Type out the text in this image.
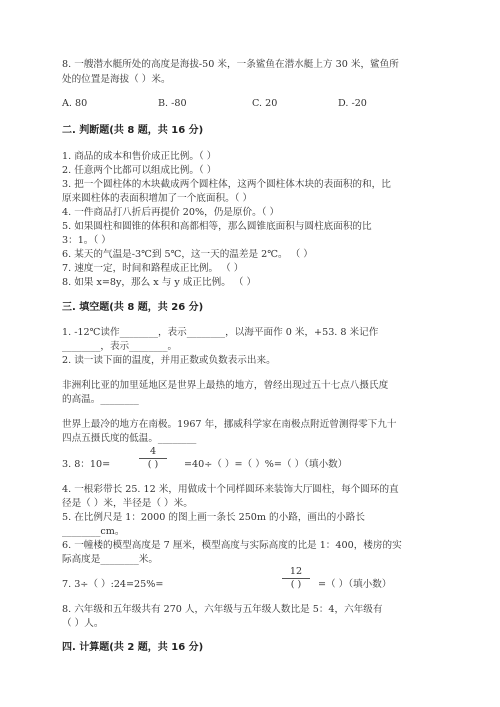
8. 一艘潜水艇所处的高度是海拔-50 米，一条鲨鱼在潜水艇上方 30 米，鲨鱼所
处的位置是海拔（ ）米。
A. 80	B. -80	C. 20	D. -20
二. 判断题(共 8 题，共 16 分)
1. 商品的成本和售价成正比例。（ ）
2. 任意两个比都可以组成比例。（ ）
3. 把一个圆柱体的木块截成两个圆柱体，这两个圆柱体木块的表面积的和，比
原来圆柱体的表面积增加了一个底面积。（ ）
4. 一件商品打八折后再提价 20%，仍是原价。（ ）
5. 如果圆柱和圆锥的体积和高都相等，那么圆锥底面积与圆柱底面积的比
3：1。（ ）
6. 某天的气温是-3℃到 5℃，这一天的温差是 2℃。 （ ）
7. 速度一定，时间和路程成正比例。 （ ）
8. 如果 x=8y，那么 x 与 y 成正比例。 （ ）
三. 填空题(共 8 题，共 26 分)
1. -12℃读作________，表示________，以海平面作 0 米，+53. 8 米记作
________，表示________。
2. 读一读下面的温度，并用正数或负数表示出来。
非洲利比亚的加里延地区是世界上最热的地方，曾经出现过五十七点八摄氏度
的高温。________
世界上最冷的地方在南极。1967 年，挪威科学家在南极点附近曾测得零下九十
四点五摄氏度的低温。________
3. 8：10=
4
( )	=40÷（ ）=（ ）%=（ ）（填小数）
4. 一根彩带长 25. 12 米，用做成十个同样圆环来装饰大厅圆柱，每个圆环的直
径是（ ）米，半径是（ ）米。
5. 在比例尺是 1：2000 的图上画一条长 250m 的小路，画出的小路长
________cm。
6. 一幢楼的模型高度是 7 厘米，模型高度与实际高度的比是 1：400，楼房的实
际高度是________米。
7. 3÷（ ）:24=25%=
12
( )	=（ ）（填小数）
8. 六年级和五年级共有 270 人，六年级与五年级人数比是 5：4，六年级有
（ ）人。
四. 计算题(共 2 题，共 16 分)
